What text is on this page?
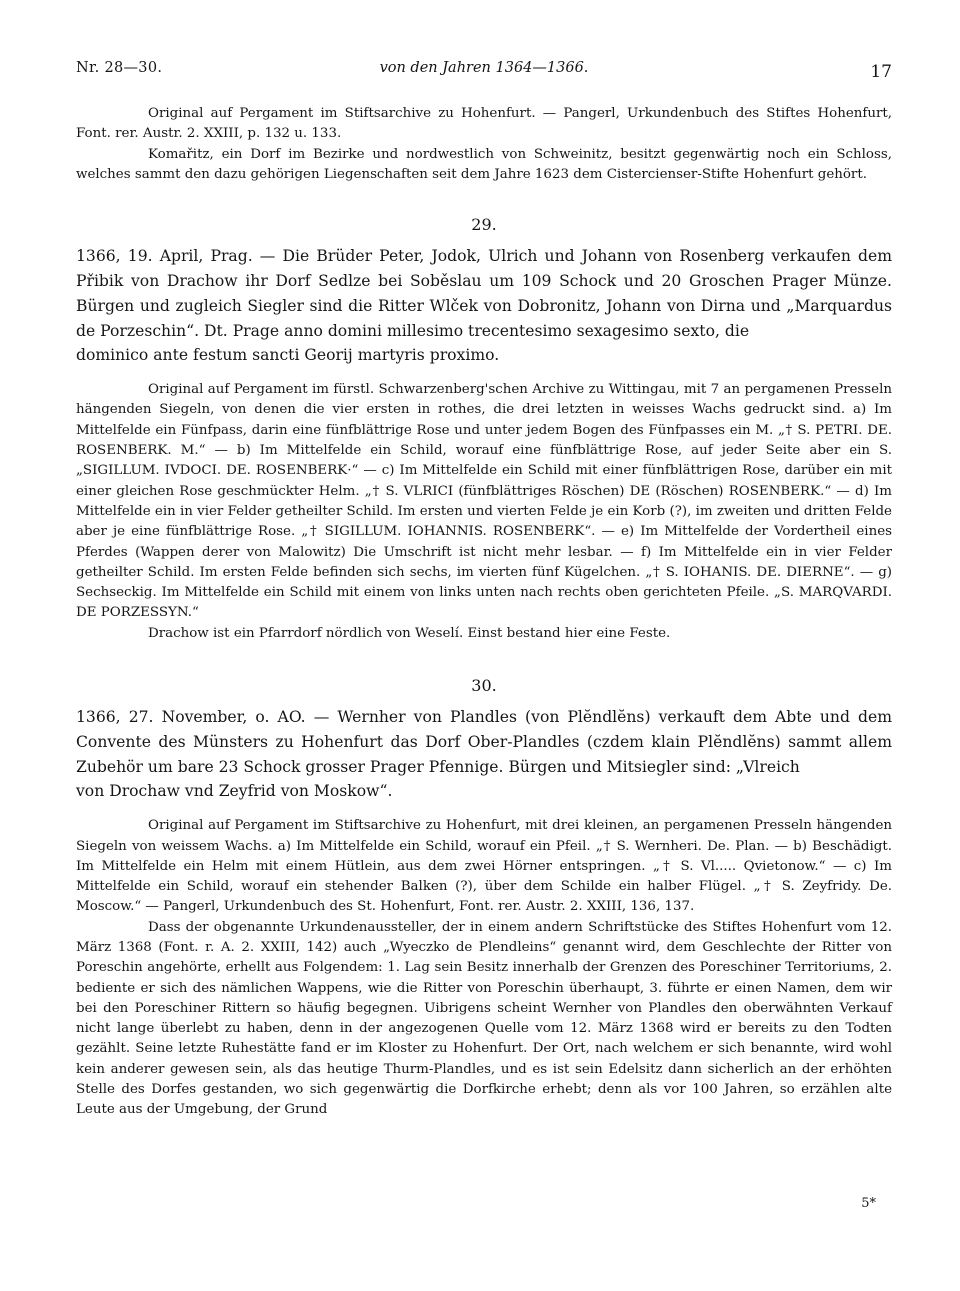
Nr. 28—30.	von den Jahren 1364—1366.	17

Original auf Pergament im Stiftsarchive zu Hohenfurt. — Pangerl, Urkundenbuch des Stiftes Hohenfurt, Font. rer. Austr. 2. XXIII, p. 132 u. 133.

Komařitz, ein Dorf im Bezirke und nordwestlich von Schweinitz, besitzt gegenwärtig noch ein Schloss, welches sammt den dazu gehörigen Liegenschaften seit dem Jahre 1623 dem Cistercienser-Stifte Hohenfurt gehört.

29.

1366, 19. April, Prag. — Die Brüder Peter, Jodok, Ulrich und Johann von Rosenberg verkaufen dem Přibik von Drachow ihr Dorf Sedlze bei Soběslau um 109 Schock und 20 Groschen Prager Münze. Bürgen und zugleich Siegler sind die Ritter Wlček von Dobronitz, Johann von Dirna und „Marquardus de Porzeschin“. Dt. Prage anno domini millesimo trecentesimo sexagesimo sexto, die

dominico ante festum sancti Georij martyris proximo.

Original auf Pergament im fürstl. Schwarzenberg'schen Archive zu Wittingau, mit 7 an pergamenen Presseln hängenden Siegeln, von denen die vier ersten in rothes, die drei letzten in weisses Wachs gedruckt sind. a) Im Mittelfelde ein Fünfpass, darin eine fünfblättrige Rose und unter jedem Bogen des Fünfpasses ein M. „† S. PETRI. DE. ROSENBERK. M.“ — b) Im Mittelfelde ein Schild, worauf eine fünfblättrige Rose, auf jeder Seite aber ein S. „SIGILLUM. IVDOCI. DE. ROSENBERK·“ — c) Im Mittelfelde ein Schild mit einer fünfblättrigen Rose, darüber ein mit einer gleichen Rose geschmückter Helm. „† S. VLRICI (fünfblättriges Röschen) DE (Röschen) ROSENBERK.“ — d) Im Mittelfelde ein in vier Felder getheilter Schild. Im ersten und vierten Felde je ein Korb (?), im zweiten und dritten Felde aber je eine fünfblättrige Rose. „† SIGILLUM. IOHANNIS. ROSENBERK“. — e) Im Mittelfelde der Vordertheil eines Pferdes (Wappen derer von Malowitz) Die Umschrift ist nicht mehr lesbar. — f) Im Mittelfelde ein in vier Felder getheilter Schild. Im ersten Felde befinden sich sechs, im vierten fünf Kügelchen. „† S. IOHANIS. DE. DIERNE“. — g) Sechseckig. Im Mittelfelde ein Schild mit einem von links unten nach rechts oben gerichteten Pfeile. „S. MARQVARDI. DE PORZESSYN.“

Drachow ist ein Pfarrdorf nördlich von Weselí. Einst bestand hier eine Feste.

30.

1366, 27. November, o. AO. — Wernher von Plandles (von Plĕndlĕns) verkauft dem Abte und dem Convente des Münsters zu Hohenfurt das Dorf Ober-Plandles (czdem klain Plĕndlĕns) sammt allem Zubehör um bare 23 Schock grosser Prager Pfennige. Bürgen und Mitsiegler sind: „Vlreich

von Drochaw vnd Zeyfrid von Moskow“.

Original auf Pergament im Stiftsarchive zu Hohenfurt, mit drei kleinen, an pergamenen Presseln hängenden Siegeln von weissem Wachs. a) Im Mittelfelde ein Schild, worauf ein Pfeil. „† S. Wernheri. De. Plan. — b) Beschädigt. Im Mittelfelde ein Helm mit einem Hütlein, aus dem zwei Hörner entspringen. „† S. Vl..... Qvietonow.“ — c) Im Mittelfelde ein Schild, worauf ein stehender Balken (?), über dem Schilde ein halber Flügel. „† S. Zeyfridy. De. Moscow.“ — Pangerl, Urkundenbuch des St. Hohenfurt, Font. rer. Austr. 2. XXIII, 136, 137.

Dass der obgenannte Urkundenaussteller, der in einem andern Schriftstücke des Stiftes Hohenfurt vom 12. März 1368 (Font. r. A. 2. XXIII, 142) auch „Wyeczko de Plendleins“ genannt wird, dem Geschlechte der Ritter von Poreschin angehörte, erhellt aus Folgendem: 1. Lag sein Besitz innerhalb der Grenzen des Poreschiner Territoriums, 2. bediente er sich des nämlichen Wappens, wie die Ritter von Poreschin überhaupt, 3. führte er einen Namen, dem wir bei den Poreschiner Rittern so häufig begegnen. Uibrigens scheint Wernher von Plandles den oberwähnten Verkauf nicht lange überlebt zu haben, denn in der angezogenen Quelle vom 12. März 1368 wird er bereits zu den Todten gezählt. Seine letzte Ruhestätte fand er im Kloster zu Hohenfurt. Der Ort, nach welchem er sich benannte, wird wohl kein anderer gewesen sein, als das heutige Thurm-Plandles, und es ist sein Edelsitz dann sicherlich an der erhöhten Stelle des Dorfes gestanden, wo sich gegenwärtig die Dorfkirche erhebt; denn als vor 100 Jahren, so erzählen alte Leute aus der Umgebung, der Grund

5*
